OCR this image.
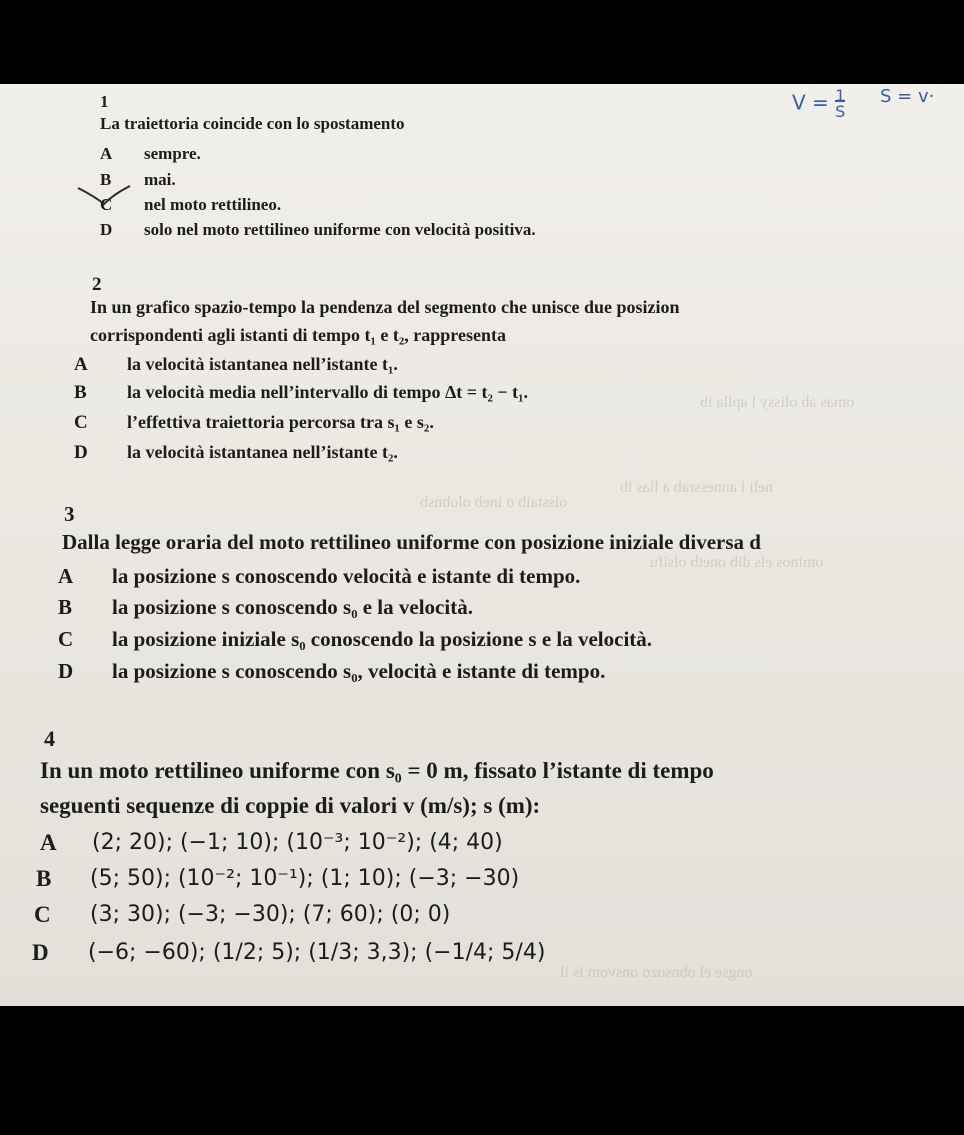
omas ab olissy l aplla ib
neli l annessrab a llas lb
ominos els dib onetb olsifu
oisstaib o ineb olobnsb
ongse el obnsozo onsvom is il
V = 1
S
S = v·
1
La traiettoria coincide con lo spostamento
A sempre.
B mai.
C nel moto rettilineo.
D solo nel moto rettilineo uniforme con velocità positiva.
2
In un grafico spazio-tempo la pendenza del segmento che unisce due posizion
corrispondenti agli istanti di tempo t₁ e t₂, rappresenta
A la velocità istantanea nell’istante t₁.
B la velocità media nell’intervallo di tempo Δt = t₂ − t₁.
C l’effettiva traiettoria percorsa tra s₁ e s₂.
D la velocità istantanea nell’istante t₂.
3
Dalla legge oraria del moto rettilineo uniforme con posizione iniziale diversa d
A la posizione s conoscendo velocità e istante di tempo.
B la posizione s conoscendo s₀ e la velocità.
C la posizione iniziale s₀ conoscendo la posizione s e la velocità.
D la posizione s conoscendo s₀, velocità e istante di tempo.
4
In un moto rettilineo uniforme con s₀ = 0 m, fissato l’istante di tempo
seguenti sequenze di coppie di valori v (m/s); s (m):
A (2; 20); (−1; 10); (10⁻³; 10⁻²); (4; 40)
B (5; 50); (10⁻²; 10⁻¹); (1; 10); (−3; −30)
C (3; 30); (−3; −30); (7; 60); (0; 0)
D (−6; −60); (1/2; 5); (1/3; 3,3); (−1/4; 5/4)
